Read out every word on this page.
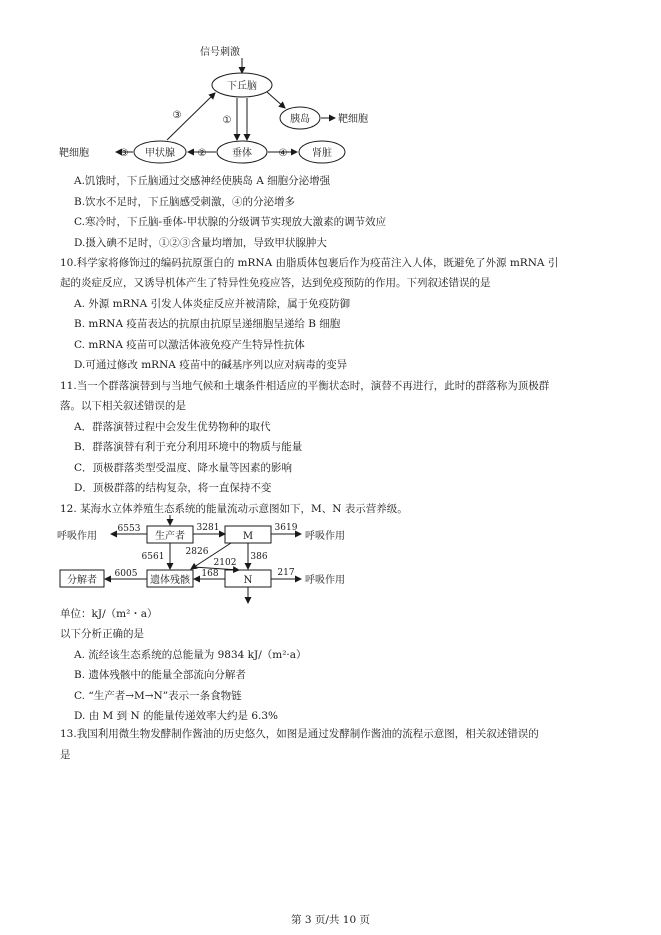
信号刺激
下丘脑
胰岛	靶细胞
甲状腺	垂体	肾脏
①
②
③
④
③
靶细胞
A.饥饿时，下丘脑通过交感神经使胰岛 A 细胞分泌增强
B.饮水不足时，下丘脑感受刺激，④的分泌增多
C.寒冷时，下丘脑-垂体-甲状腺的分级调节实现放大激素的调节效应
D.摄入碘不足时，①②③含量均增加，导致甲状腺肿大
10.科学家将修饰过的编码抗原蛋白的 mRNA 由脂质体包裹后作为疫苗注入人体，既避免了外源 mRNA 引
起的炎症反应，又诱导机体产生了特异性免疫应答，达到免疫预防的作用。下列叙述错误的是
A. 外源 mRNA 引发人体炎症反应并被清除，属于免疫防御
B. mRNA 疫苗表达的抗原由抗原呈递细胞呈递给 B 细胞
C. mRNA 疫苗可以激活体液免疫产生特异性抗体
D.可通过修改 mRNA 疫苗中的碱基序列以应对病毒的变异
11.当一个群落演替到与当地气候和土壤条件相适应的平衡状态时，演替不再进行，此时的群落称为顶极群
落。以下相关叙述错误的是
A．群落演替过程中会发生优势物种的取代
B．群落演替有利于充分利用环境中的物质与能量
C．顶极群落类型受温度、降水量等因素的影响
D．顶极群落的结构复杂，将一直保持不变
12. 某海水立体养殖生态系统的能量流动示意图如下，M、N 表示营养级。
生产者	M
遗体残骸	N
分解者
呼吸作用
6553	3281	3619
呼吸作用
6561 2826	386
2102
168	217
呼吸作用
6005
单位：kJ/（m²・a）
以下分析正确的是
A. 流经该生态系统的总能量为 9834 kJ/（m²·a）
B. 遗体残骸中的能量全部流向分解者
C. “生产者→M→N”表示一条食物链
D. 由 M 到 N 的能量传递效率大约是 6.3%
13.我国利用微生物发酵制作酱油的历史悠久，如图是通过发酵制作酱油的流程示意图，相关叙述错误的
是
第 3 页/共 10 页
